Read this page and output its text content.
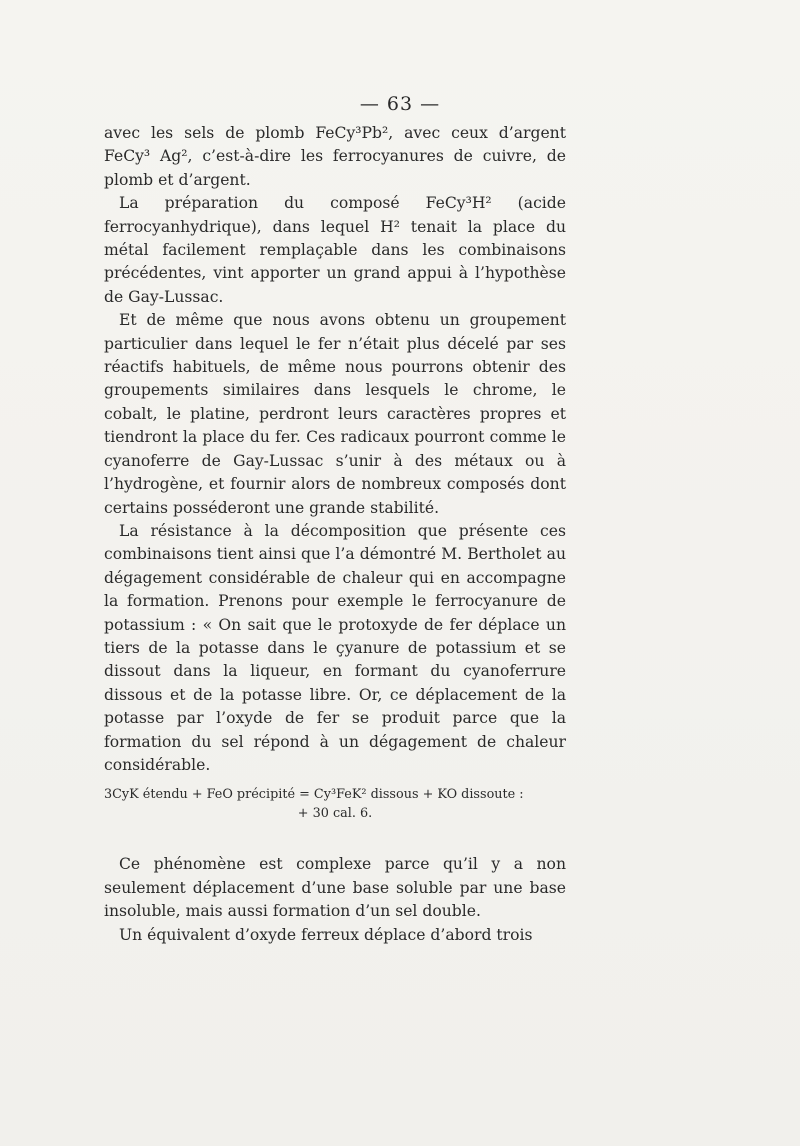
— 63 —

avec les sels de plomb FeCy³Pb², avec ceux d’argent FeCy³ Ag², c’est-à-dire les ferrocyanures de cuivre, de plomb et d’argent.

La préparation du composé FeCy³H² (acide ferrocyanhydrique), dans lequel H² tenait la place du métal facilement remplaçable dans les combinaisons précédentes, vint apporter un grand appui à l’hypothèse de Gay-Lussac.

Et de même que nous avons obtenu un groupement particulier dans lequel le fer n’était plus décelé par ses réactifs habituels, de même nous pourrons obtenir des groupements similaires dans lesquels le chrome, le cobalt, le platine, perdront leurs caractères propres et tiendront la place du fer. Ces radicaux pourront comme le cyanoferre de Gay-Lussac s’unir à des métaux ou à l’hydrogène, et fournir alors de nombreux composés dont certains posséderont une grande stabilité.

La résistance à la décomposition que présente ces combinaisons tient ainsi que l’a démontré M. Bertholet au dégagement considérable de chaleur qui en accompagne la formation. Prenons pour exemple le ferrocyanure de potassium : « On sait que le protoxyde de fer déplace un tiers de la potasse dans le çyanure de potassium et se dissout dans la liqueur, en formant du cyanoferrure dissous et de la potasse libre. Or, ce déplacement de la potasse par l’oxyde de fer se produit parce que la formation du sel répond à un dégagement de chaleur considérable.

3CyK étendu + FeO précipité = Cy³FeK² dissous + KO dissoute :
+ 30 cal. 6.

Ce phénomène est complexe parce qu’il y a non seulement déplacement d’une base soluble par une base insoluble, mais aussi formation d’un sel double.

Un équivalent d’oxyde ferreux déplace d’abord trois
